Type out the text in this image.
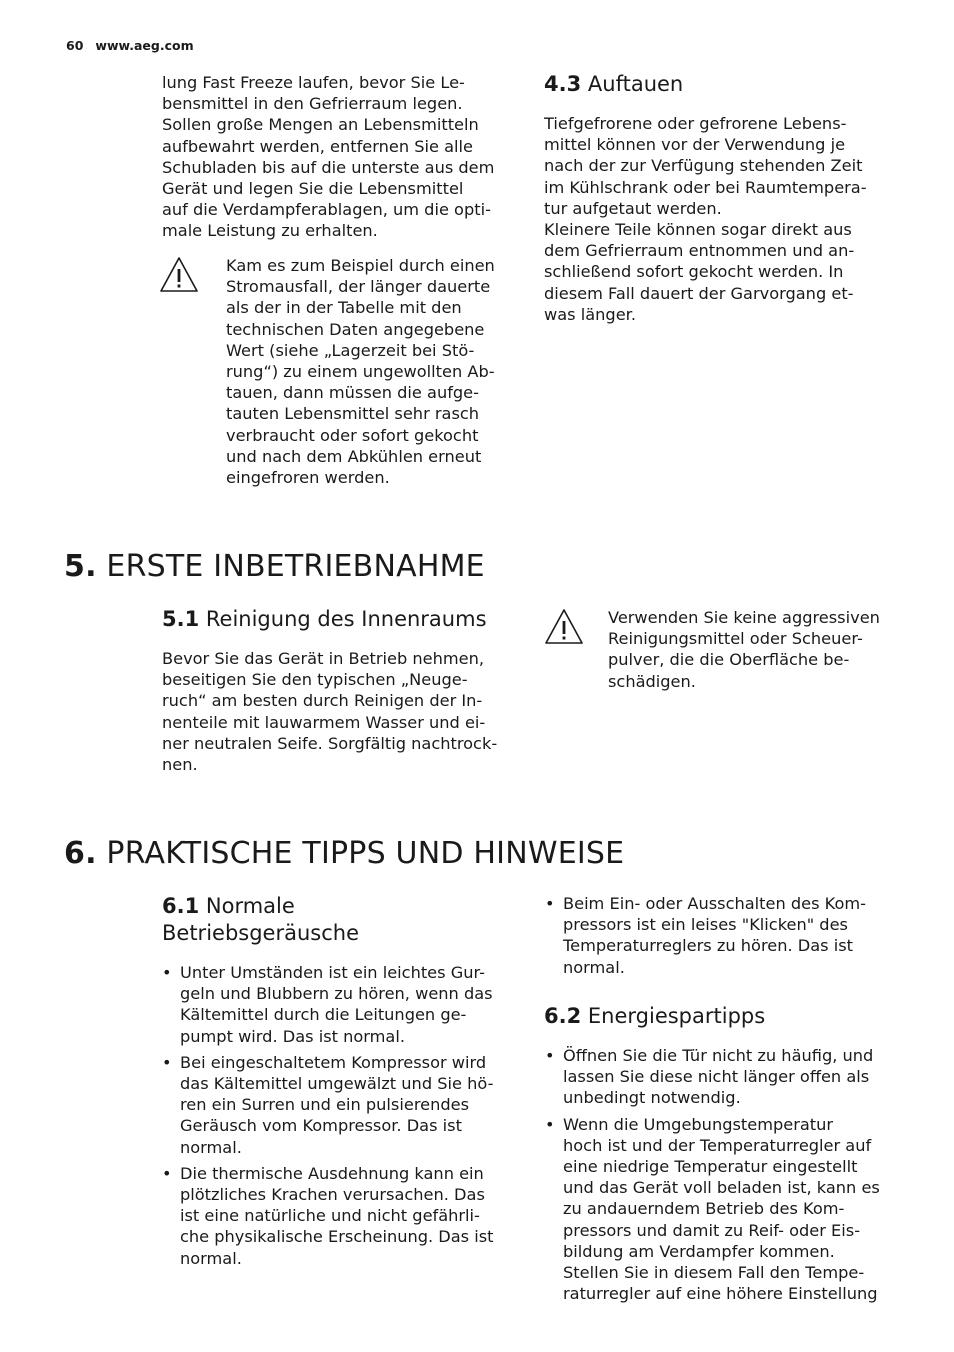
60 www.aeg.com
lung Fast Freeze laufen, bevor Sie Le-
bensmittel in den Gefrierraum legen.
Sollen große Mengen an Lebensmitteln
aufbewahrt werden, entfernen Sie alle
Schubladen bis auf die unterste aus dem
Gerät und legen Sie die Lebensmittel
auf die Verdampferablagen, um die opti-
male Leistung zu erhalten.
Kam es zum Beispiel durch einen
Stromausfall, der länger dauerte
als der in der Tabelle mit den
technischen Daten angegebene
Wert (siehe „Lagerzeit bei Stö-
rung“) zu einem ungewollten Ab-
tauen, dann müssen die aufge-
tauten Lebensmittel sehr rasch
verbraucht oder sofort gekocht
und nach dem Abkühlen erneut
eingefroren werden.
4.3 Auftauen
Tiefgefrorene oder gefrorene Lebens-
mittel können vor der Verwendung je
nach der zur Verfügung stehenden Zeit
im Kühlschrank oder bei Raumtempera-
tur aufgetaut werden.
Kleinere Teile können sogar direkt aus
dem Gefrierraum entnommen und an-
schließend sofort gekocht werden. In
diesem Fall dauert der Garvorgang et-
was länger.
5. ERSTE INBETRIEBNAHME
5.1 Reinigung des Innenraums
Bevor Sie das Gerät in Betrieb nehmen,
beseitigen Sie den typischen „Neuge-
ruch“ am besten durch Reinigen der In-
nenteile mit lauwarmem Wasser und ei-
ner neutralen Seife. Sorgfältig nachtrock-
nen.
Verwenden Sie keine aggressiven
Reinigungsmittel oder Scheuer-
pulver, die die Oberfläche be-
schädigen.
6. PRAKTISCHE TIPPS UND HINWEISE
6.1 Normale
Betriebsgeräusche
• Unter Umständen ist ein leichtes Gur-
geln und Blubbern zu hören, wenn das
Kältemittel durch die Leitungen ge-
pumpt wird. Das ist normal.
• Bei eingeschaltetem Kompressor wird
das Kältemittel umgewälzt und Sie hö-
ren ein Surren und ein pulsierendes
Geräusch vom Kompressor. Das ist
normal.
• Die thermische Ausdehnung kann ein
plötzliches Krachen verursachen. Das
ist eine natürliche und nicht gefährli-
che physikalische Erscheinung. Das ist
normal.
• Beim Ein- oder Ausschalten des Kom-
pressors ist ein leises "Klicken" des
Temperaturreglers zu hören. Das ist
normal.
6.2 Energiespartipps
• Öffnen Sie die Tür nicht zu häufig, und
lassen Sie diese nicht länger offen als
unbedingt notwendig.
• Wenn die Umgebungstemperatur
hoch ist und der Temperaturregler auf
eine niedrige Temperatur eingestellt
und das Gerät voll beladen ist, kann es
zu andauerndem Betrieb des Kom-
pressors und damit zu Reif- oder Eis-
bildung am Verdampfer kommen.
Stellen Sie in diesem Fall den Tempe-
raturregler auf eine höhere Einstellung
